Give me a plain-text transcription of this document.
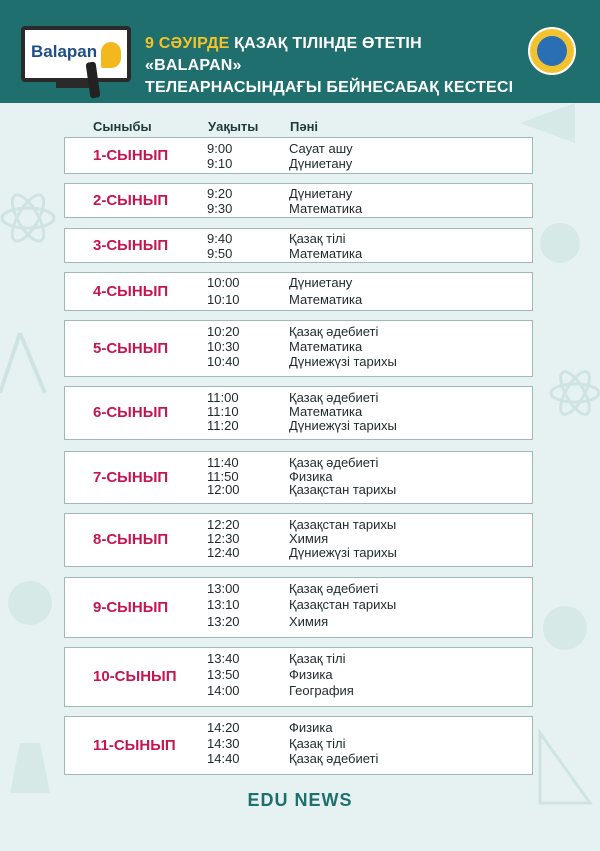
Balapan	9 СӘУІРДЕ ҚАЗАҚ ТІЛІНДЕ ӨТЕТІН «BALAPAN»
ТЕЛЕАРНАСЫНДАҒЫ БЕЙНЕСАБАҚ КЕСТЕСІ
Сыныбы	Уақыты Пәні
1-СЫНЫП	9:00	Сауат ашу
9:10	Дүниетану
2-СЫНЫП	9:20	Дүниетану
9:30	Математика
3-СЫНЫП	9:40	Қазақ тілі
9:50	Математика
4-СЫНЫП
10:00	Дүниетану
10:10	Математика
5-СЫНЫП
10:20	Қазақ әдебиеті
10:30	Математика
10:40	Дүниежүзі тарихы
6-СЫНЫП
11:00	Қазақ әдебиеті
11:10	Математика
11:20	Дүниежүзі тарихы
7-СЫНЫП
11:40	Қазақ әдебиеті
11:50	Физика
12:00	Қазақстан тарихы
8-СЫНЫП
12:20	Қазақстан тарихы
12:30	Химия
12:40	Дүниежүзі тарихы
9-СЫНЫП
13:00	Қазақ әдебиеті
13:10	Қазақстан тарихы
13:20	Химия
10-СЫНЫП
13:40	Қазақ тілі
13:50	Физика
14:00	География
11-СЫНЫП
14:20	Физика
14:30	Қазақ тілі
14:40	Қазақ әдебиеті
EDU NEWS
